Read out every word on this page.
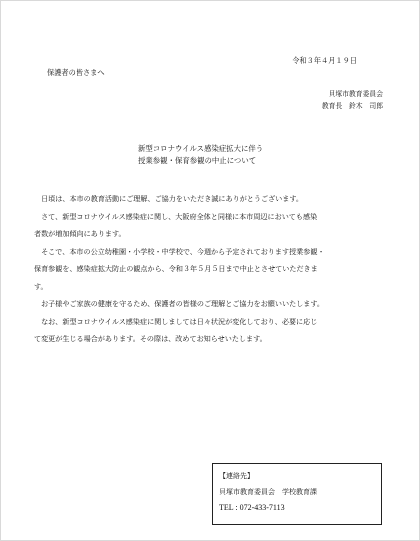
令和３年４月１９日
保護者の皆さまへ
貝塚市教育委員会
教育長　鈴木　司郎
新型コロナウイルス感染症拡大に伴う
授業参観・保育参観の中止について
日頃は、本市の教育活動にご理解、ご協力をいただき誠にありがとうございます。
さて、新型コロナウイルス感染症に関し、大阪府全体と同様に本市周辺においても感染
者数が増加傾向にあります。
そこで、本市の公立幼稚園・小学校・中学校で、今週から予定されております授業参観・
保育参観を、感染症拡大防止の観点から、令和３年５月５日まで中止とさせていただきま
す。
お子様やご家族の健康を守るため、保護者の皆様のご理解とご協力をお願いいたします。
なお、新型コロナウイルス感染症に関しましては日々状況が変化しており、必要に応じ
て変更が生じる場合があります。その際は、改めてお知らせいたします。
【連絡先】
貝塚市教育委員会　学校教育課
TEL : 072-433-7113
